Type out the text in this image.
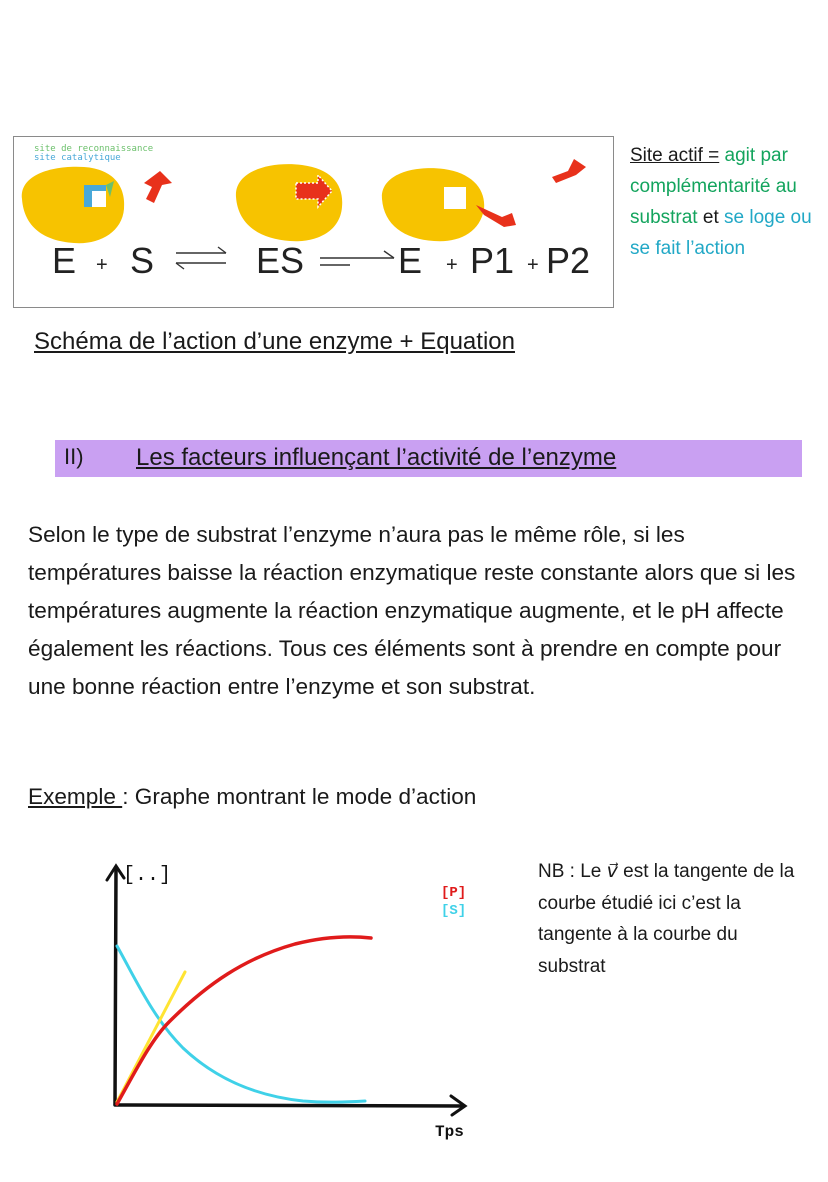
site de reconnaissance
site catalytique
E + S	ES	E + P1 + P2
Site actif = agit par complémentarité au substrat et se loge ou se fait l’action
Schéma de l’action d’une enzyme + Equation
II) Les facteurs influençant l’activité de l’enzyme
Selon le type de substrat l’enzyme n’aura pas le même rôle, si les températures baisse la réaction enzymatique reste constante alors que si les températures augmente la réaction enzymatique augmente, et le pH affecte également les réactions. Tous ces éléments sont à prendre en compte pour une bonne réaction entre l’enzyme et son substrat.
Exemple : Graphe montrant le mode d’action
[..]
Tps
[P]
[S]
NB : Le v⃗ est la tangente de la courbe étudié ici c’est la tangente à la courbe du substrat
